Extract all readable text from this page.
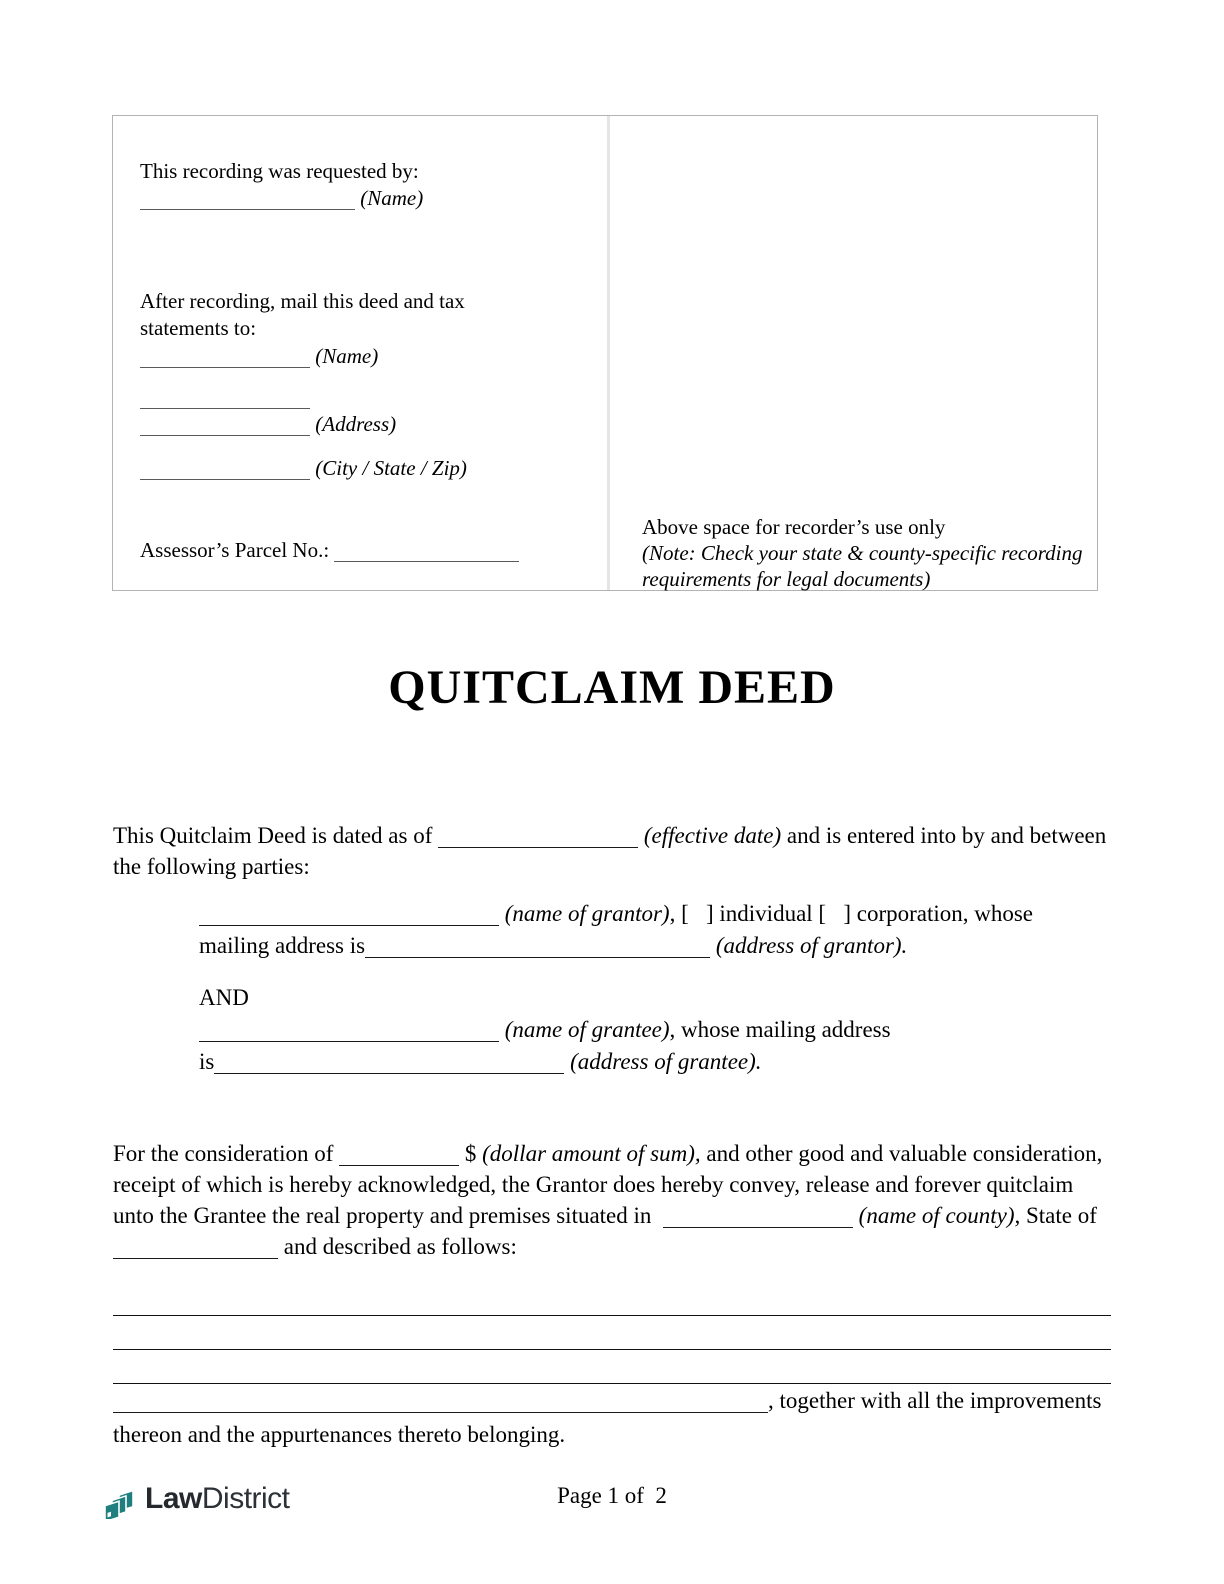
This recording was requested by:
(Name)
After recording, mail this deed and tax
statements to:
(Name)
(Address)
(City / State / Zip)
Assessor’s Parcel No.:
Above space for recorder’s use only
(Note: Check your state & county-specific recording requirements for legal documents)
QUITCLAIM DEED
This Quitclaim Deed is dated as of	(effective date) and is entered into by and between the following parties:
(name of grantor), [   ] individual [   ] corporation, whose
mailing address is	(address of grantor).
AND
(name of grantee), whose mailing address
is	(address of grantee).
For the consideration of	$ (dollar amount of sum), and other good and valuable consideration, receipt of which is hereby acknowledged, the Grantor does hereby convey, release and forever quitclaim unto the Grantee the real property and premises situated in	(name of county), State of   and described as follows:
, together with all the improvements thereon and the appurtenances thereto belonging.
Law District	Page 1 of  2
